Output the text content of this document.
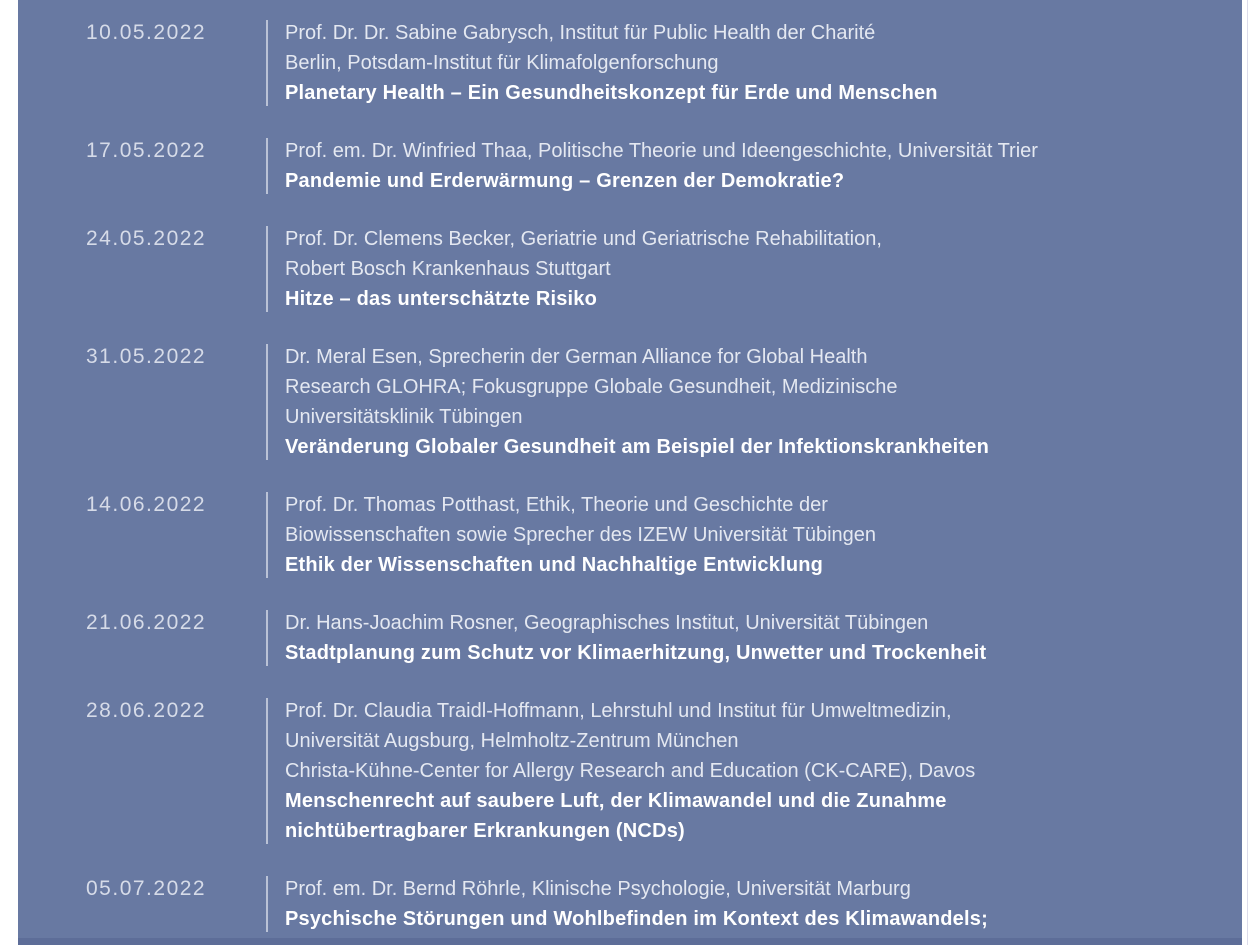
10.05.2022	Prof. Dr. Dr. Sabine Gabrysch, Institut für Public Health der Charité
Berlin, Potsdam-Institut für Klimafolgenforschung
Planetary Health – Ein Gesundheitskonzept für Erde und Menschen
17.05.2022	Prof. em. Dr. Winfried Thaa, Politische Theorie und Ideengeschichte, Universität Trier
Pandemie und Erderwärmung – Grenzen der Demokratie?
24.05.2022	Prof. Dr. Clemens Becker, Geriatrie und Geriatrische Rehabilitation,
Robert Bosch Krankenhaus Stuttgart
Hitze – das unterschätzte Risiko
31.05.2022	Dr. Meral Esen, Sprecherin der German Alliance for Global Health
Research GLOHRA; Fokusgruppe Globale Gesundheit, Medizinische
Universitätsklinik Tübingen
Veränderung Globaler Gesundheit am Beispiel der Infektionskrankheiten
14.06.2022	Prof. Dr. Thomas Potthast, Ethik, Theorie und Geschichte der
Biowissenschaften sowie Sprecher des IZEW Universität Tübingen
Ethik der Wissenschaften und Nachhaltige Entwicklung
21.06.2022	Dr. Hans-Joachim Rosner, Geographisches Institut, Universität Tübingen
Stadtplanung zum Schutz vor Klimaerhitzung, Unwetter und Trockenheit
28.06.2022	Prof. Dr. Claudia Traidl-Hoffmann, Lehrstuhl und Institut für Umweltmedizin,
Universität Augsburg, Helmholtz-Zentrum München
Christa-Kühne-Center for Allergy Research and Education (CK-CARE), Davos
Menschenrecht auf saubere Luft, der Klimawandel und die Zunahme
nichtübertragbarer Erkrankungen (NCDs)
05.07.2022	Prof. em. Dr. Bernd Röhrle, Klinische Psychologie, Universität Marburg
Psychische Störungen und Wohlbefinden im Kontext des Klimawandels;
